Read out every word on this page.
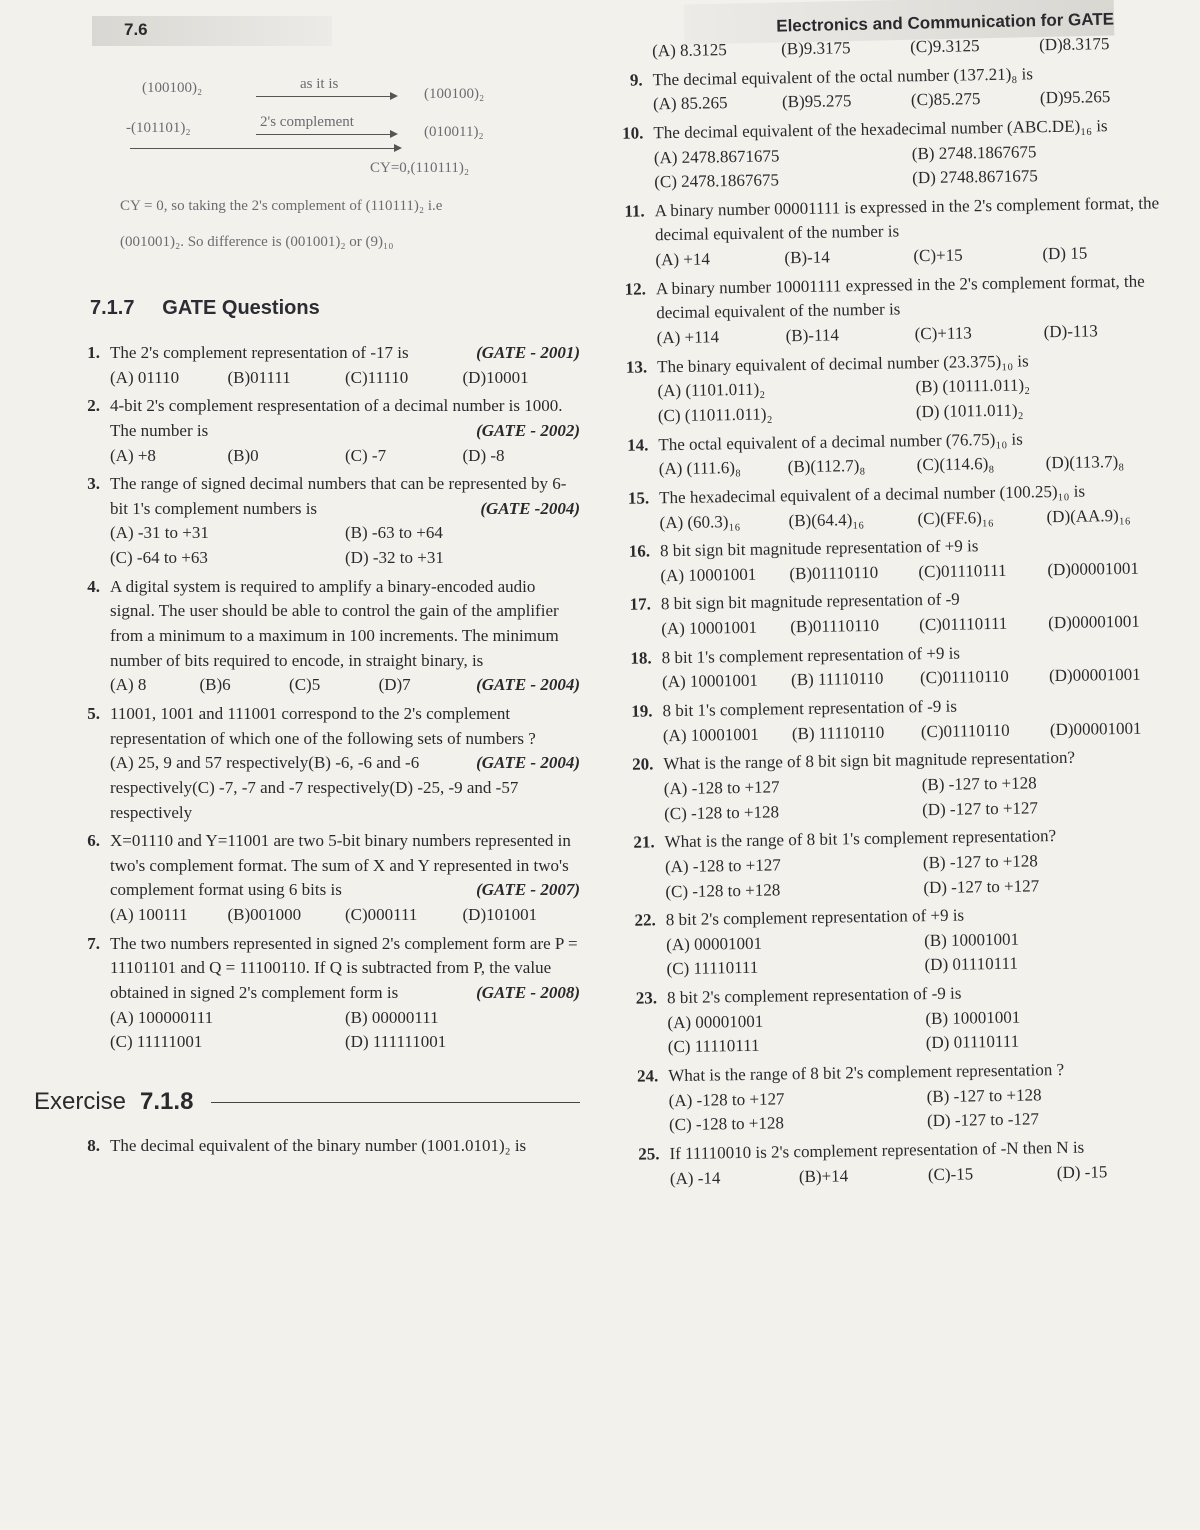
7.6	Electronics and Communication for GATE
(100100)₂	as it is
(100100)₂
-(101101)₂	2's complement
(010011)₂
CY=0,(110111)₂
CY = 0, so taking the 2's complement of (110111)₂ i.e
(001001)₂. So difference is (001001)₂ or (9)₁₀
7.1.7 GATE Questions
1. The 2's complement representation of -17 is	(GATE - 2001)
(A) 01110	(B)01111	(C)11110	(D)10001
2. 4-bit 2's complement respresentation of a decimal number is 1000. The number is	(GATE - 2002)
(A) +8	(B)0	(C) -7	(D) -8
3. The range of signed decimal numbers that can be represented by 6-bit 1's complement numbers is	(GATE -2004)
(A) -31 to +31	(B) -63 to +64
(C) -64 to +63	(D) -32 to +31
4. A digital system is required to amplify a binary-encoded audio signal. The user should be able to control the gain of the amplifier from a minimum to a maximum in 100 increments. The minimum number of bits required to encode, in straight binary, is
(GATE - 2004)
(A) 8	(B)6	(C)5	(D)7
5. 11001, 1001 and 111001 correspond to the 2's complement representation of which one of the following sets of numbers ?
(GATE - 2004)
(A) 25, 9 and 57 respectively(B) -6, -6 and -6 respectively(C) -7, -7 and -7 respectively(D) -25, -9 and -57 respectively
6. X=01110 and Y=11001 are two 5-bit binary numbers represented in two's complement format. The sum of X and Y represented in two's complement format using 6 bits is	(GATE - 2007)
(A) 100111	(B)001000	(C)000111	(D)101001
7. The two numbers represented in signed 2's complement form are P = 11101101 and Q = 11100110. If Q is subtracted from P, the value obtained in signed 2's complement form is	(GATE - 2008)
(A) 100000111	(B) 00000111
(C) 11111001	(D) 111111001
Exercise 7.1.8
8. The decimal equivalent of the binary number (1001.0101)₂ is
(A) 8.3125	(B)9.3175	(C)9.3125	(D)8.3175
9. The decimal equivalent of the octal number (137.21)₈ is
(A) 85.265	(B)95.275	(C)85.275	(D)95.265
10. The decimal equivalent of the hexadecimal number (ABC.DE)₁₆ is
(A) 2478.8671675	(B) 2748.1867675
(C) 2478.1867675	(D) 2748.8671675
11. A binary number 00001111 is expressed in the 2's complement format, the decimal equivalent of the number is
(A) +14	(B)-14	(C)+15	(D) 15
12. A binary number 10001111 expressed in the 2's complement format, the decimal equivalent of the number is
(A) +114	(B)-114	(C)+113	(D)-113
13. The binary equivalent of decimal number (23.375)₁₀ is
(A) (1101.011)₂	(B) (10111.011)₂
(C) (11011.011)₂	(D) (1011.011)₂
14. The octal equivalent of a decimal number (76.75)₁₀ is
(A) (111.6)₈	(B)(112.7)₈	(C)(114.6)₈	(D)(113.7)₈
15. The hexadecimal equivalent of a decimal number (100.25)₁₀ is
(A) (60.3)₁₆	(B)(64.4)₁₆	(C)(FF.6)₁₆	(D)(AA.9)₁₆
16. 8 bit sign bit magnitude representation of +9 is
(A) 10001001	(B)01110110	(C)01110111	(D)00001001
17. 8 bit sign bit magnitude representation of -9
(A) 10001001	(B)01110110	(C)01110111	(D)00001001
18. 8 bit 1's complement representation of +9 is
(A) 10001001	(B) 11110110	(C)01110110	(D)00001001
19. 8 bit 1's complement representation of -9 is
(A) 10001001	(B) 11110110	(C)01110110	(D)00001001
20. What is the range of 8 bit sign bit magnitude representation?
(A) -128 to +127	(B) -127 to +128
(C) -128 to +128	(D) -127 to +127
21. What is the range of 8 bit 1's complement representation?
(A) -128 to +127	(B) -127 to +128
(C) -128 to +128	(D) -127 to +127
22. 8 bit 2's complement representation of +9 is
(A) 00001001	(B) 10001001
(C) 11110111	(D) 01110111
23. 8 bit 2's complement representation of -9 is
(A) 00001001	(B) 10001001
(C) 11110111	(D) 01110111
24. What is the range of 8 bit 2's complement representation ?
(A) -128 to +127	(B) -127 to +128
(C) -128 to +128	(D) -127 to -127
25. If 11110010 is 2's complement representation of -N then N is
(A) -14	(B)+14	(C)-15	(D) -15
